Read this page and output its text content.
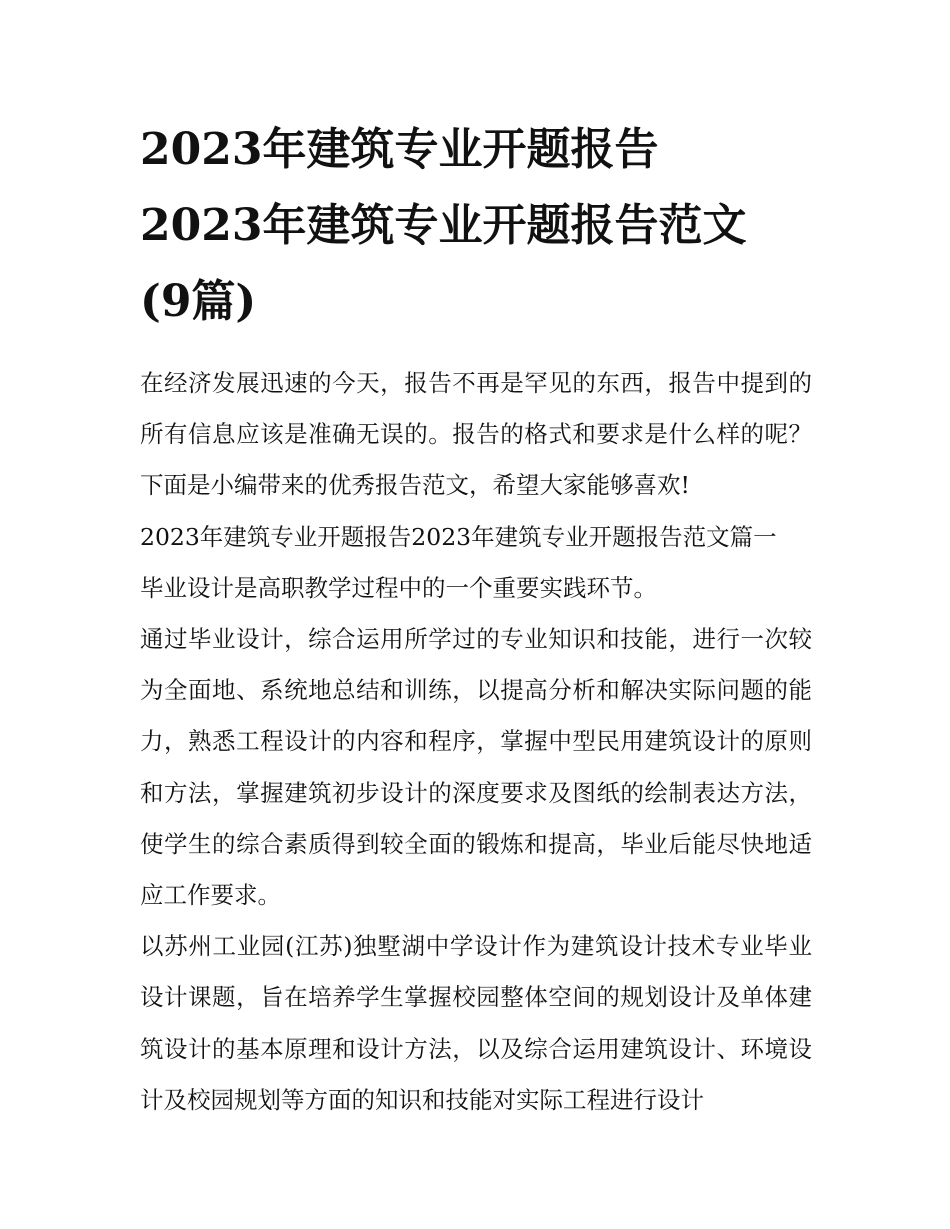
2023年建筑专业开题报告
2023年建筑专业开题报告范文
(9篇)

在经济发展迅速的今天，报告不再是罕见的东西，报告中提到的所有信息应该是准确无误的。报告的格式和要求是什么样的呢？下面是小编带来的优秀报告范文，希望大家能够喜欢!

2023年建筑专业开题报告2023年建筑专业开题报告范文篇一

毕业设计是高职教学过程中的一个重要实践环节。

通过毕业设计，综合运用所学过的专业知识和技能，进行一次较为全面地、系统地总结和训练，以提高分析和解决实际问题的能力，熟悉工程设计的内容和程序，掌握中型民用建筑设计的原则和方法，掌握建筑初步设计的深度要求及图纸的绘制表达方法，使学生的综合素质得到较全面的锻炼和提高，毕业后能尽快地适应工作要求。

以苏州工业园(江苏)独墅湖中学设计作为建筑设计技术专业毕业设计课题，旨在培养学生掌握校园整体空间的规划设计及单体建筑设计的基本原理和设计方法，以及综合运用建筑设计、环境设计及校园规划等方面的知识和技能对实际工程进行设计
